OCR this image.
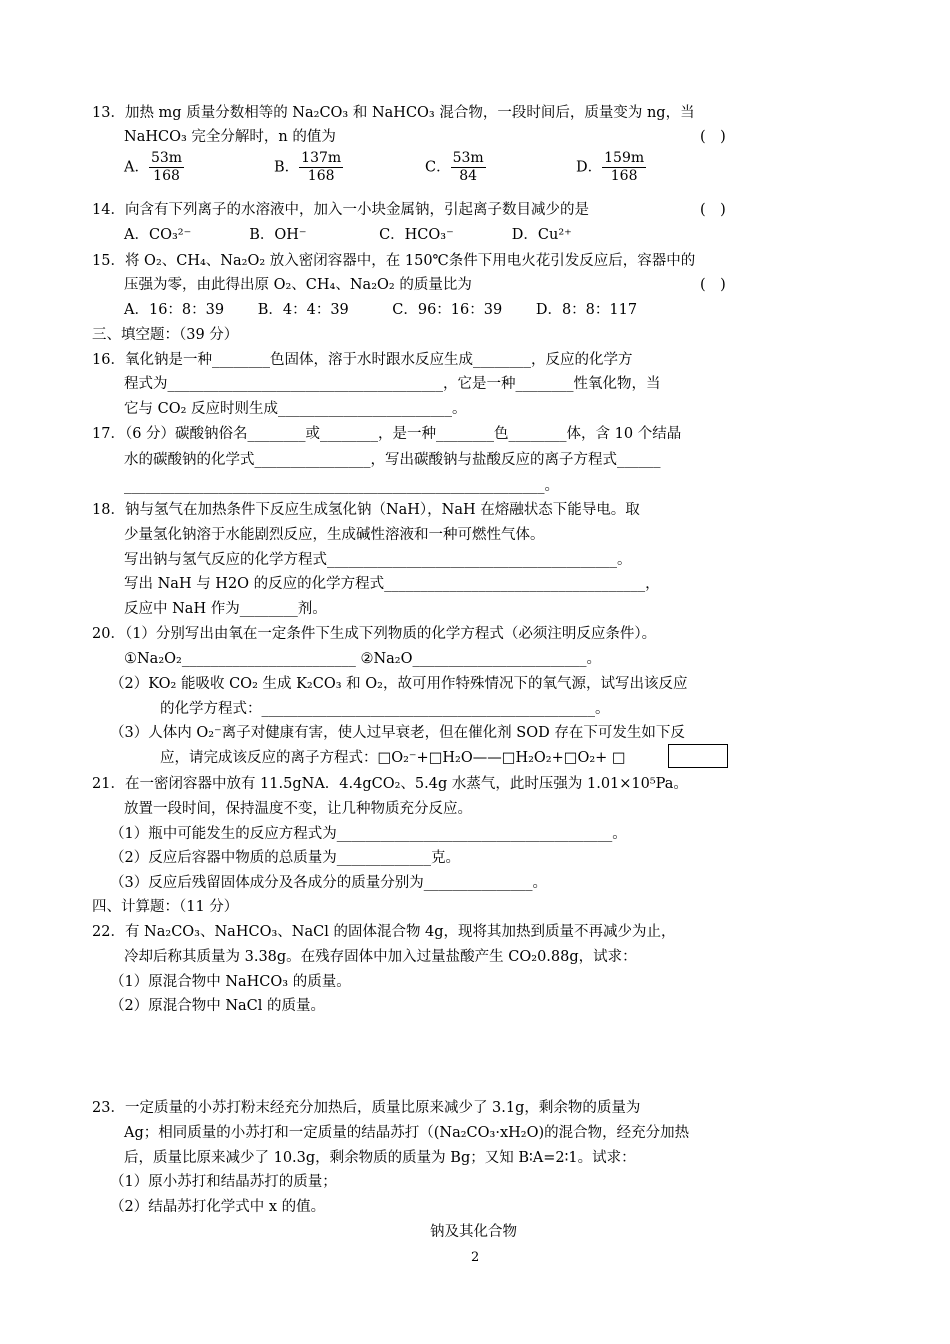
13．加热 mg 质量分数相等的 Na₂CO₃ 和 NaHCO₃ 混合物，一段时间后，质量变为 ng，当
NaHCO₃ 完全分解时，n 的值为	(　)
14．向含有下列离子的水溶液中，加入一小块金属钠，引起离子数目减少的是	(　)
A．CO₃²⁻　　　　B．OH⁻　　　　　C．HCO₃⁻　　　　D．Cu²⁺
15．将 O₂、CH₄、Na₂O₂ 放入密闭容器中，在 150℃条件下用电火花引发反应后，容器中的
压强为零，由此得出原 O₂、CH₄、Na₂O₂ 的质量比为	(　)
A．16：8：39　　 B．4：4：39　　　C．96：16：39　　 D．8：8：117
三、填空题：（39 分）
16．氧化钠是一种________色固体，溶于水时跟水反应生成________，反应的化学方
程式为______________________________________，它是一种________性氧化物，当
它与 CO₂ 反应时则生成________________________。
17．（6 分）碳酸钠俗名________或________，是一种________色________体，含 10 个结晶
水的碳酸钠的化学式________________，写出碳酸钠与盐酸反应的离子方程式______
__________________________________________________________。
18．钠与氢气在加热条件下反应生成氢化钠（NaH），NaH 在熔融状态下能导电。取
少量氢化钠溶于水能剧烈反应，生成碱性溶液和一种可燃性气体。
写出钠与氢气反应的化学方程式________________________________________。
写出 NaH 与 H2O 的反应的化学方程式____________________________________，
反应中 NaH 作为________剂。
20．（1）分别写出由氧在一定条件下生成下列物质的化学方程式（必须注明反应条件）。
①Na₂O₂________________________ ②Na₂O________________________。
（2）KO₂ 能吸收 CO₂ 生成 K₂CO₃ 和 O₂，故可用作特殊情况下的氧气源，试写出该反应
的化学方程式：______________________________________________。
（3）人体内 O₂⁻离子对健康有害，使人过早衰老，但在催化剂 SOD 存在下可发生如下反
应，请完成该反应的离子方程式：□O₂⁻+□H₂O——□H₂O₂+□O₂+ □
21．在一密闭容器中放有 11.5gNA．4.4gCO₂、5.4g 水蒸气，此时压强为 1.01×10⁵Pa。
放置一段时间，保持温度不变，让几种物质充分反应。
（1）瓶中可能发生的反应方程式为______________________________________。
（2）反应后容器中物质的总质量为_____________克。
（3）反应后残留固体成分及各成分的质量分别为_______________。
四、计算题：（11 分）
22．有 Na₂CO₃、NaHCO₃、NaCl 的固体混合物 4g，现将其加热到质量不再减少为止，
冷却后称其质量为 3.38g。在残存固体中加入过量盐酸产生 CO₂0.88g，试求：
（1）原混合物中 NaHCO₃ 的质量。
（2）原混合物中 NaCl 的质量。
23．一定质量的小苏打粉末经充分加热后，质量比原来减少了 3.1g，剩余物的质量为
Ag；相同质量的小苏打和一定质量的结晶苏打（(Na₂CO₃·xH₂O)的混合物，经充分加热
后，质量比原来减少了 10.3g，剩余物质的质量为 Bg；又知 B∶A=2∶1。试求：
（1）原小苏打和结晶苏打的质量；
（2）结晶苏打化学式中 x 的值。
A． $\frac{53m}{168}$	B． $\frac{137m}{168}$	C． $\frac{53m}{84}$	D． $\frac{159m}{168}$
钠及其化合物
2
